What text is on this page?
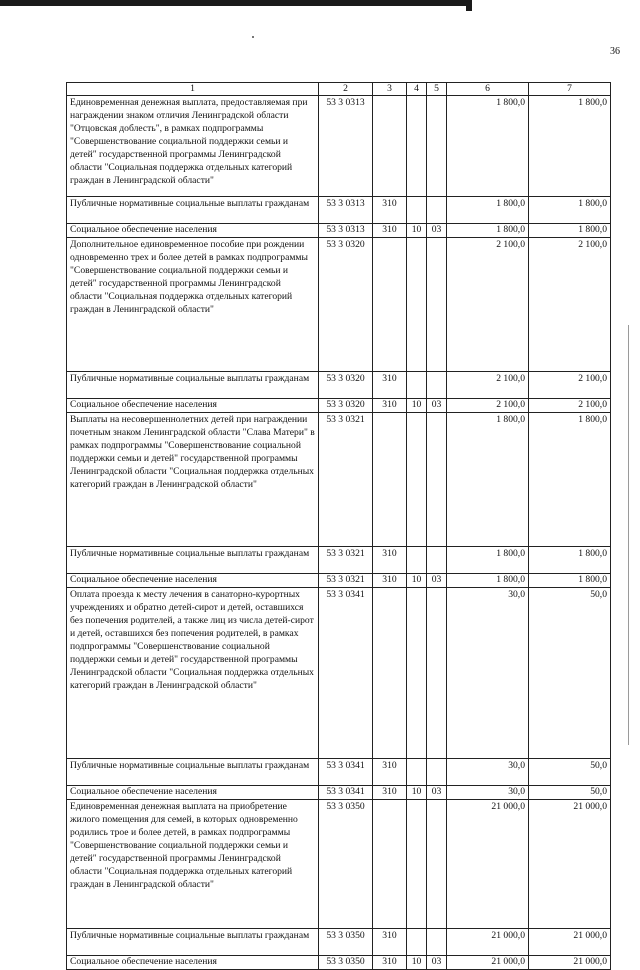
36
1	2	3	4	5	6	7
Единовременная денежная выплата, предоставляемая при награждении знаком отличия Ленинградской области "Отцовская доблесть", в рамках подпрограммы "Совершенствование социальной поддержки семьи и детей" государственной программы Ленинградской области "Социальная поддержка отдельных категорий граждан в Ленинградской области"	53 3 0313				1 800,0	1 800,0
Публичные нормативные социальные выплаты гражданам	53 3 0313	310			1 800,0	1 800,0
Социальное обеспечение населения	53 3 0313	310	10	03	1 800,0	1 800,0
Дополнительное единовременное пособие при рождении одновременно трех и более детей в рамках подпрограммы "Совершенствование социальной поддержки семьи и детей" государственной программы Ленинградской области "Социальная поддержка отдельных категорий граждан в Ленинградской области"	53 3 0320				2 100,0	2 100,0
Публичные нормативные социальные выплаты гражданам	53 3 0320	310			2 100,0	2 100,0
Социальное обеспечение населения	53 3 0320	310	10	03	2 100,0	2 100,0
Выплаты на несовершеннолетних детей при награждении почетным знаком Ленинградской области "Слава Матери" в рамках подпрограммы "Совершенствование социальной поддержки семьи и детей" государственной программы Ленинградской области "Социальная поддержка отдельных категорий граждан в Ленинградской области"	53 3 0321				1 800,0	1 800,0
Публичные нормативные социальные выплаты гражданам	53 3 0321	310			1 800,0	1 800,0
Социальное обеспечение населения	53 3 0321	310	10	03	1 800,0	1 800,0
Оплата проезда к месту лечения в санаторно-курортных учреждениях и обратно детей-сирот и детей, оставшихся без попечения родителей, а также лиц из числа детей-сирот и детей, оставшихся без попечения родителей, в рамках подпрограммы "Совершенствование социальной поддержки семьи и детей" государственной программы Ленинградской области "Социальная поддержка отдельных категорий граждан в Ленинградской области"	53 3 0341				30,0	50,0
Публичные нормативные социальные выплаты гражданам	53 3 0341	310			30,0	50,0
Социальное обеспечение населения	53 3 0341	310	10	03	30,0	50,0
Единовременная денежная выплата на приобретение жилого помещения для семей, в которых одновременно родились трое и более детей, в рамках подпрограммы "Совершенствование социальной поддержки семьи и детей" государственной программы Ленинградской области "Социальная поддержка отдельных категорий граждан в Ленинградской области"	53 3 0350				21 000,0	21 000,0
Публичные нормативные социальные выплаты гражданам	53 3 0350	310			21 000,0	21 000,0
Социальное обеспечение населения	53 3 0350	310	10	03	21 000,0	21 000,0
